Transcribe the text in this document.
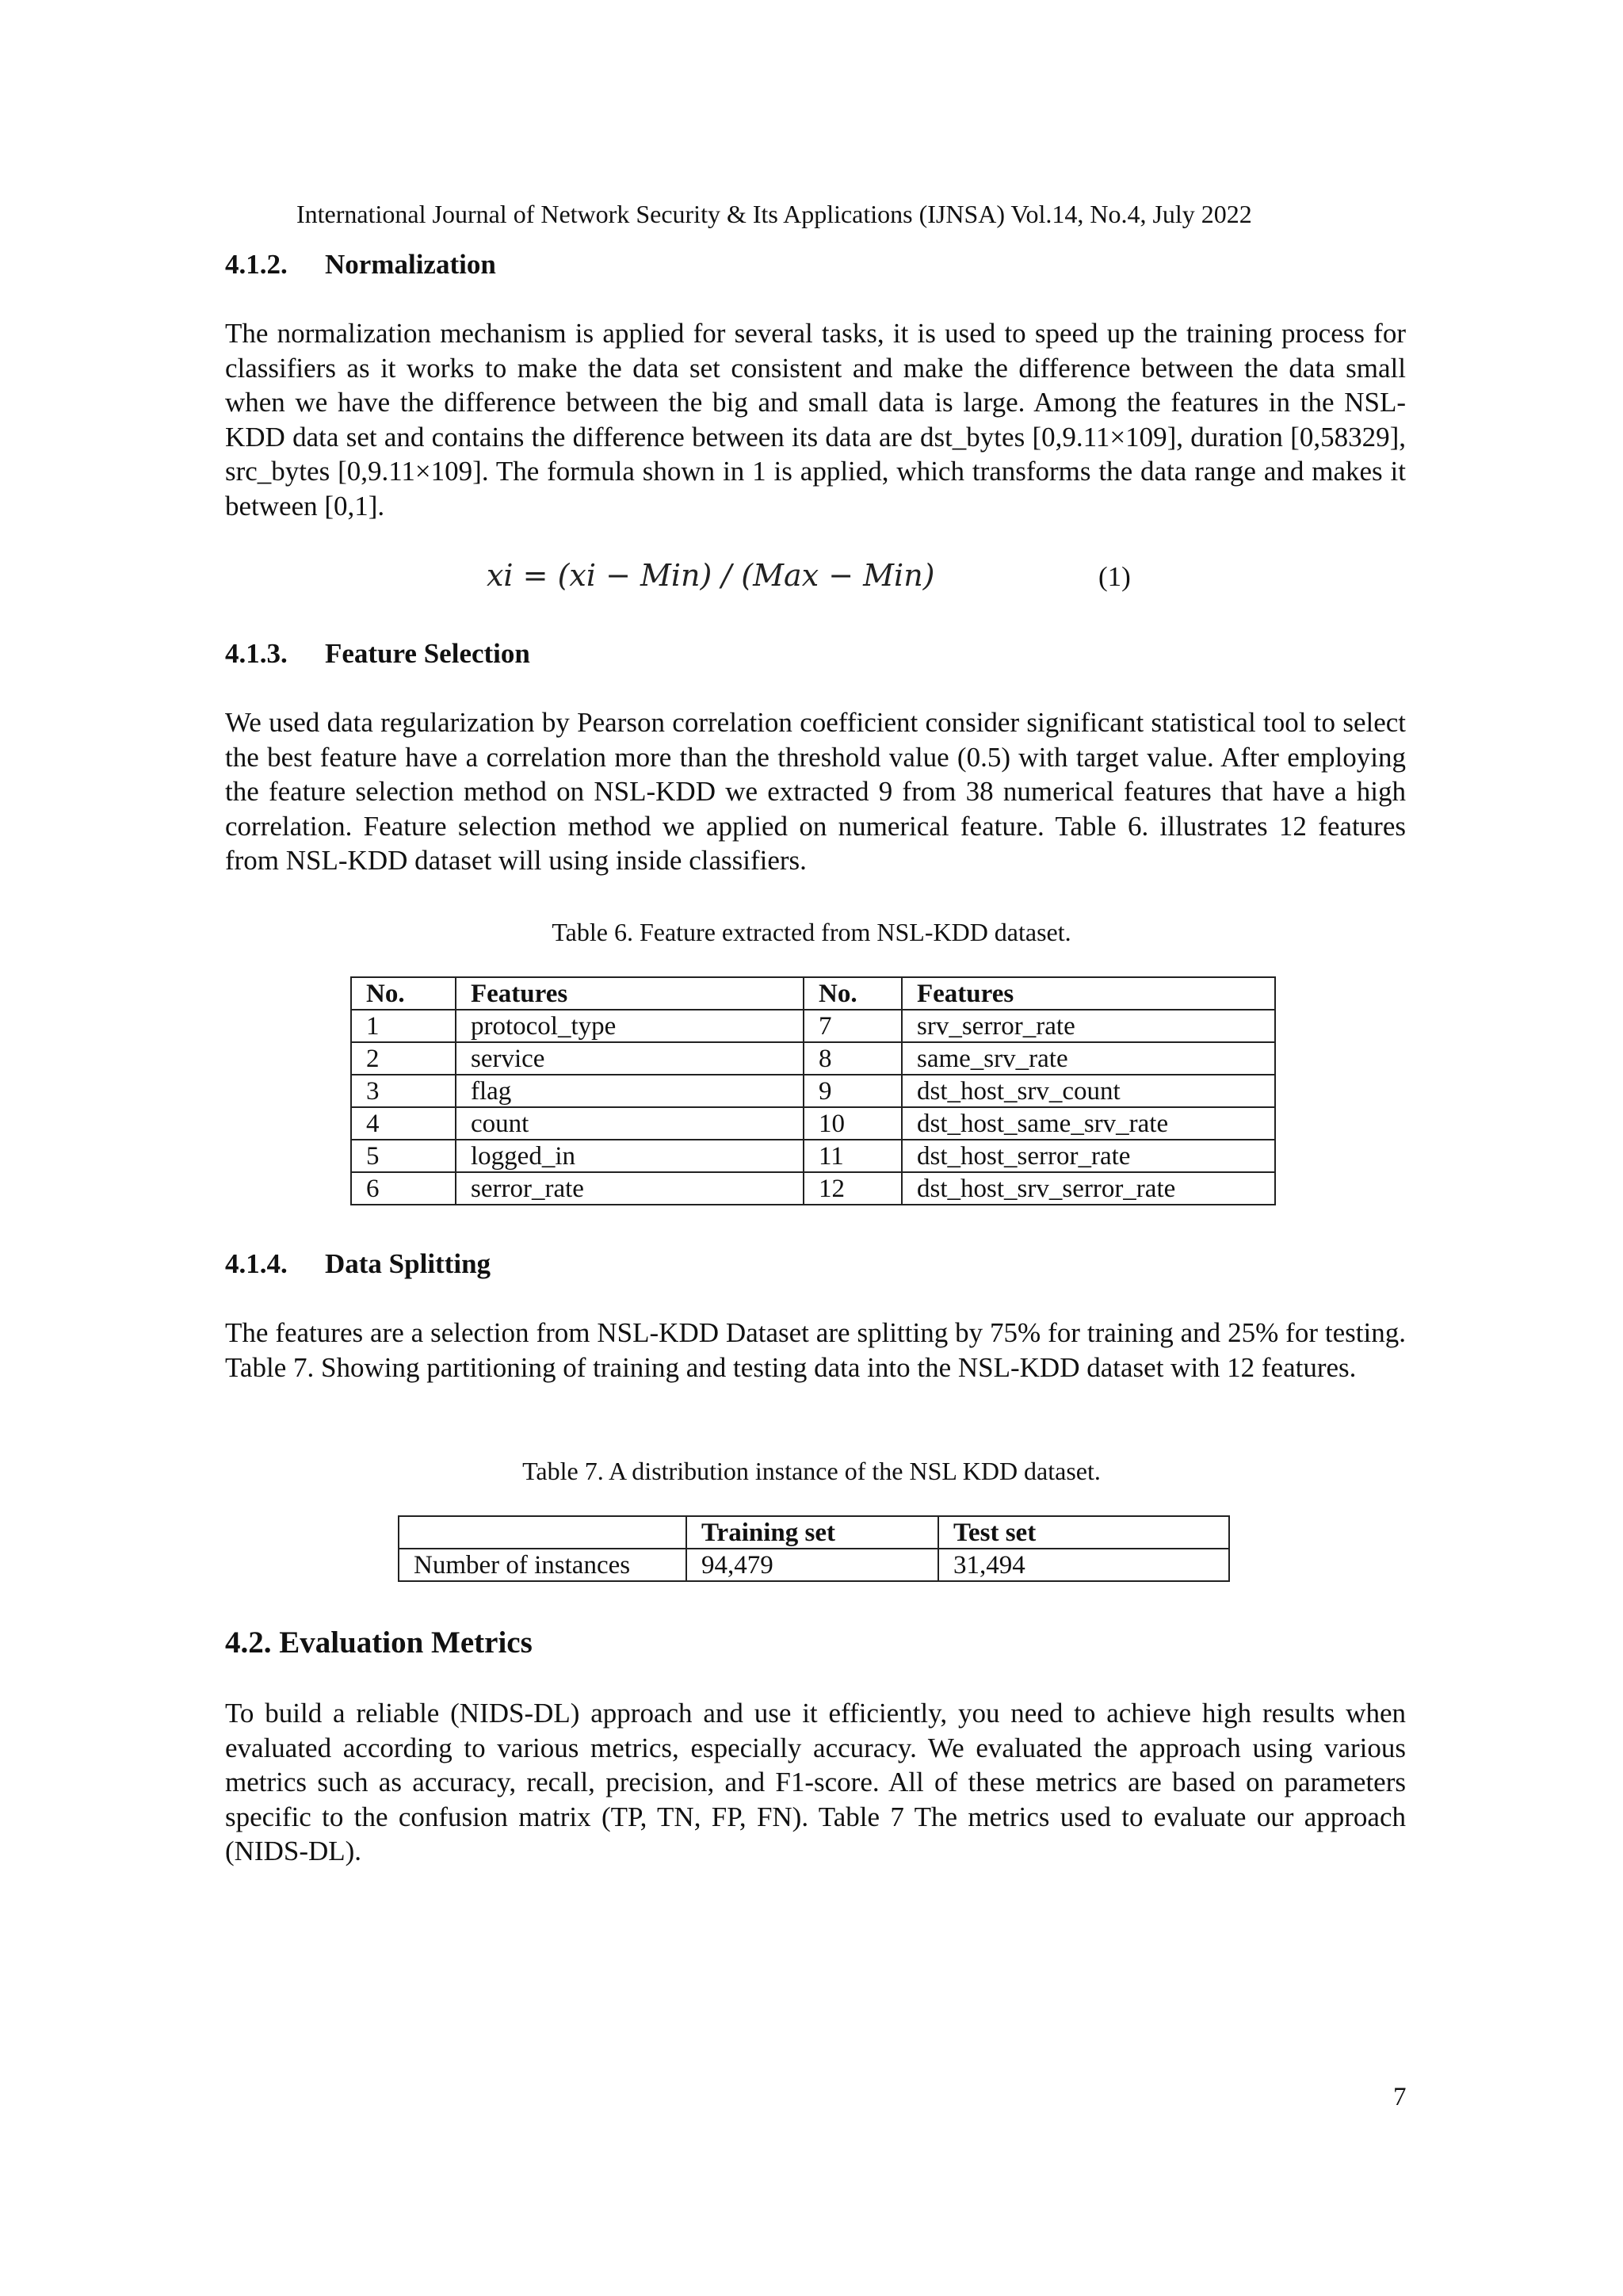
International Journal of Network Security & Its Applications (IJNSA) Vol.14, No.4, July 2022
4.1.2. Normalization
The normalization mechanism is applied for several tasks, it is used to speed up the training process for classifiers as it works to make the data set consistent and make the difference between the data small when we have the difference between the big and small data is large. Among the features in the NSL-KDD data set and contains the difference between its data are dst_bytes [0,9.11×109], duration [0,58329], src_bytes [0,9.11×109]. The formula shown in 1 is applied, which transforms the data range and makes it between [0,1].
xi = (xi − Min) / (Max − Min)	(1)
4.1.3. Feature Selection
We used data regularization by Pearson correlation coefficient consider significant statistical tool to select the best feature have a correlation more than the threshold value (0.5) with target value. After employing the feature selection method on NSL-KDD we extracted 9 from 38 numerical features that have a high correlation. Feature selection method we applied on numerical feature. Table 6. illustrates 12 features from NSL-KDD dataset will using inside classifiers.
Table 6. Feature extracted from NSL-KDD dataset.
No.	Features	No.	Features
1	protocol_type	7	srv_serror_rate
2	service	8	same_srv_rate
3	flag	9	dst_host_srv_count
4	count	10	dst_host_same_srv_rate
5	logged_in	11	dst_host_serror_rate
6	serror_rate	12	dst_host_srv_serror_rate
4.1.4. Data Splitting
The features are a selection from NSL-KDD Dataset are splitting by 75% for training and 25% for testing. Table 7. Showing partitioning of training and testing data into the NSL-KDD dataset with 12 features.
Table 7. A distribution instance of the NSL KDD dataset.
	Training set	Test set
Number of instances	94,479	31,494
4.2. Evaluation Metrics
To build a reliable (NIDS-DL) approach and use it efficiently, you need to achieve high results when evaluated according to various metrics, especially accuracy. We evaluated the approach using various metrics such as accuracy, recall, precision, and F1-score. All of these metrics are based on parameters specific to the confusion matrix (TP, TN, FP, FN). Table 7 The metrics used to evaluate our approach (NIDS-DL).
7
